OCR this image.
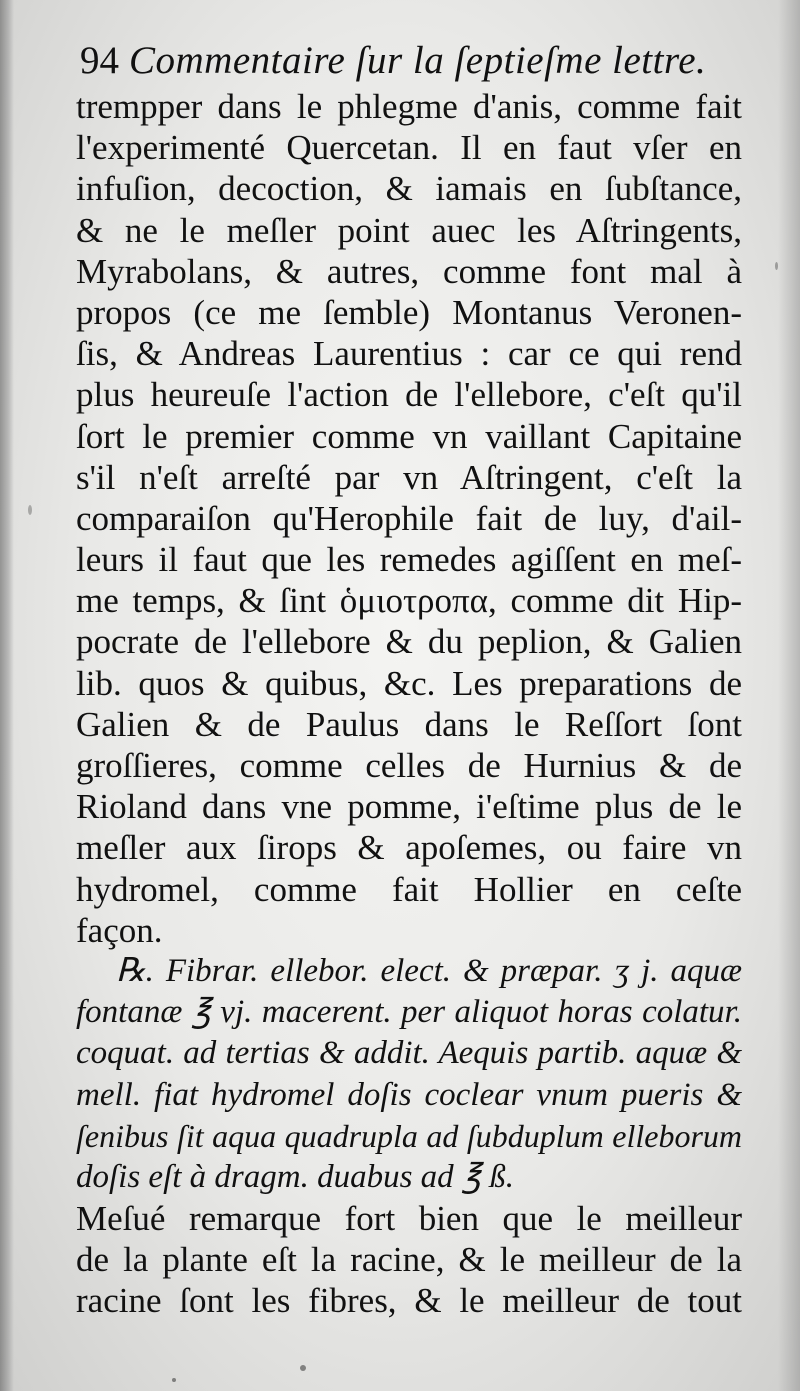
94 Commentaire ſur la ſeptieſme lettre.
trempper dans le phlegme d'anis, comme fait
l'experimenté Quercetan. Il en faut vſer en
infuſion, decoction, & iamais en ſubſtance,
& ne le meſler point auec les Aſtringents,
Myrabolans, & autres, comme font mal à
propos (ce me ſemble) Montanus Veronen-
ſis, & Andreas Laurentius : car ce qui rend
plus heureuſe l'action de l'ellebore, c'eſt qu'il
ſort le premier comme vn vaillant Capitaine
s'il n'eſt arreſté par vn Aſtringent, c'eſt la
comparaiſon qu'Herophile fait de luy, d'ail-
leurs il faut que les remedes agiſſent en meſ-
me temps, & ſint ὁμιοτροπα, comme dit Hip-
pocrate de l'ellebore & du peplion, & Galien
lib. quos & quibus, &c. Les preparations de
Galien & de Paulus dans le Reſſort ſont
groſſieres, comme celles de Hurnius & de
Rioland dans vne pomme, i'eſtime plus de le
meſler aux ſirops & apoſemes, ou faire vn
hydromel, comme fait Hollier en ceſte
façon.
℞. Fibrar. ellebor. elect. & præpar. ʒ j. aquæ
fontanæ ℥ vj. macerent. per aliquot horas colatur.
coquat. ad tertias & addit. Aequis partib. aquæ &
mell. fiat hydromel doſis coclear vnum pueris &
ſenibus ſit aqua quadrupla ad ſubduplum elleborum
doſis eſt à dragm. duabus ad ℥ ß.
Meſué remarque fort bien que le meilleur
de la plante eſt la racine, & le meilleur de la
racine ſont les fibres, & le meilleur de tout
